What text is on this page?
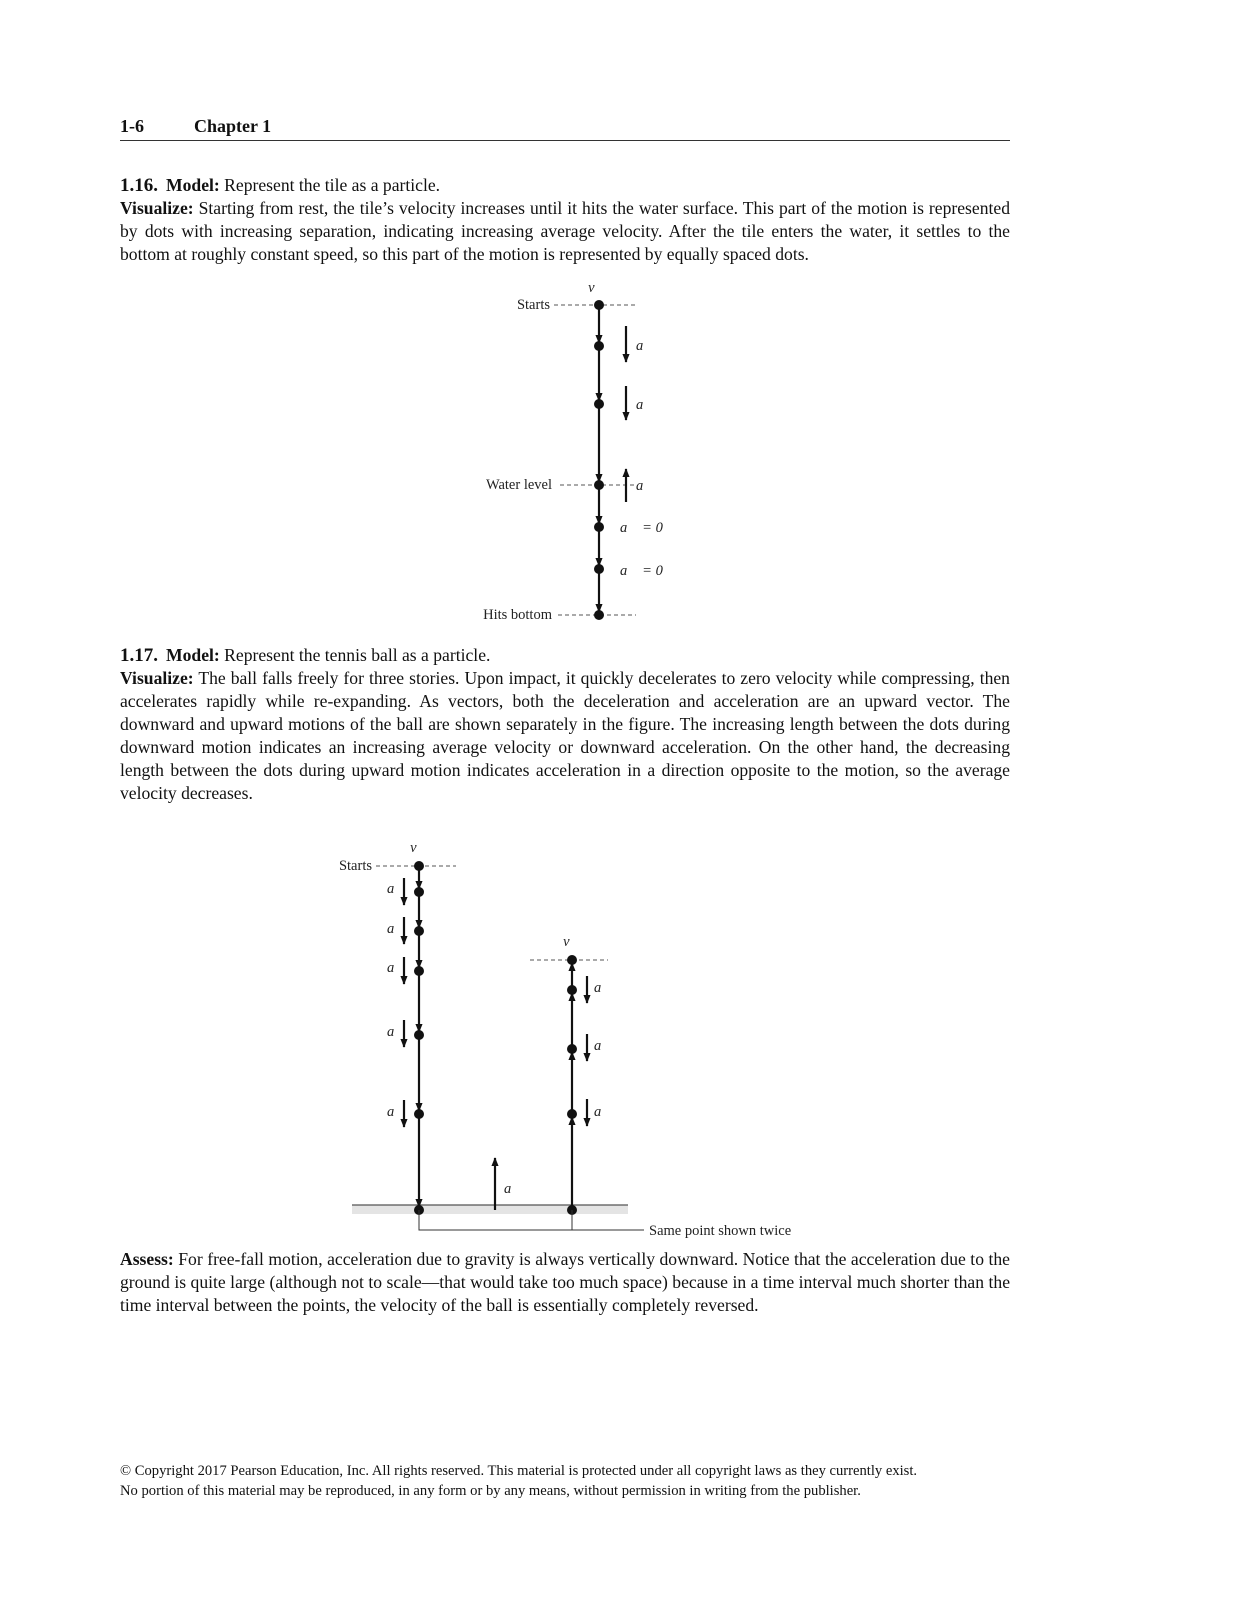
1-6	Chapter 1

1.16. Model: Represent the tile as a particle.

Visualize: Starting from rest, the tile’s velocity increases until it hits the water surface. This part of the motion is represented by dots with increasing separation, indicating increasing average velocity. After the tile enters the water, it settles to the bottom at roughly constant speed, so this part of the motion is represented by equally spaced dots.

1.17. Model: Represent the tennis ball as a particle.

Visualize: The ball falls freely for three stories. Upon impact, it quickly decelerates to zero velocity while compressing, then accelerates rapidly while re-expanding. As vectors, both the deceleration and acceleration are an upward vector. The downward and upward motions of the ball are shown separately in the figure. The increasing length between the dots during downward motion indicates an increasing average velocity or downward acceleration. On the other hand, the decreasing length between the dots during upward motion indicates acceleration in a direction opposite to the motion, so the average velocity decreases.

Assess: For free-fall motion, acceleration due to gravity is always vertically downward. Notice that the acceleration due to the ground is quite large (although not to scale—that would take too much space) because in a time interval much shorter than the time interval between the points, the velocity of the ball is essentially completely reversed.

v⃗
Starts
Water level
Hits bottom
a⃗
a⃗
a⃗
a⃗ = 0⃗
a⃗ = 0⃗
v⃗
Starts
a⃗
a⃗
a⃗
a⃗
a⃗
a⃗
v⃗
a⃗
a⃗
a⃗
Same point shown twice

© Copyright 2017 Pearson Education, Inc. All rights reserved. This material is protected under all copyright laws as they currently exist.

No portion of this material may be reproduced, in any form or by any means, without permission in writing from the publisher.
